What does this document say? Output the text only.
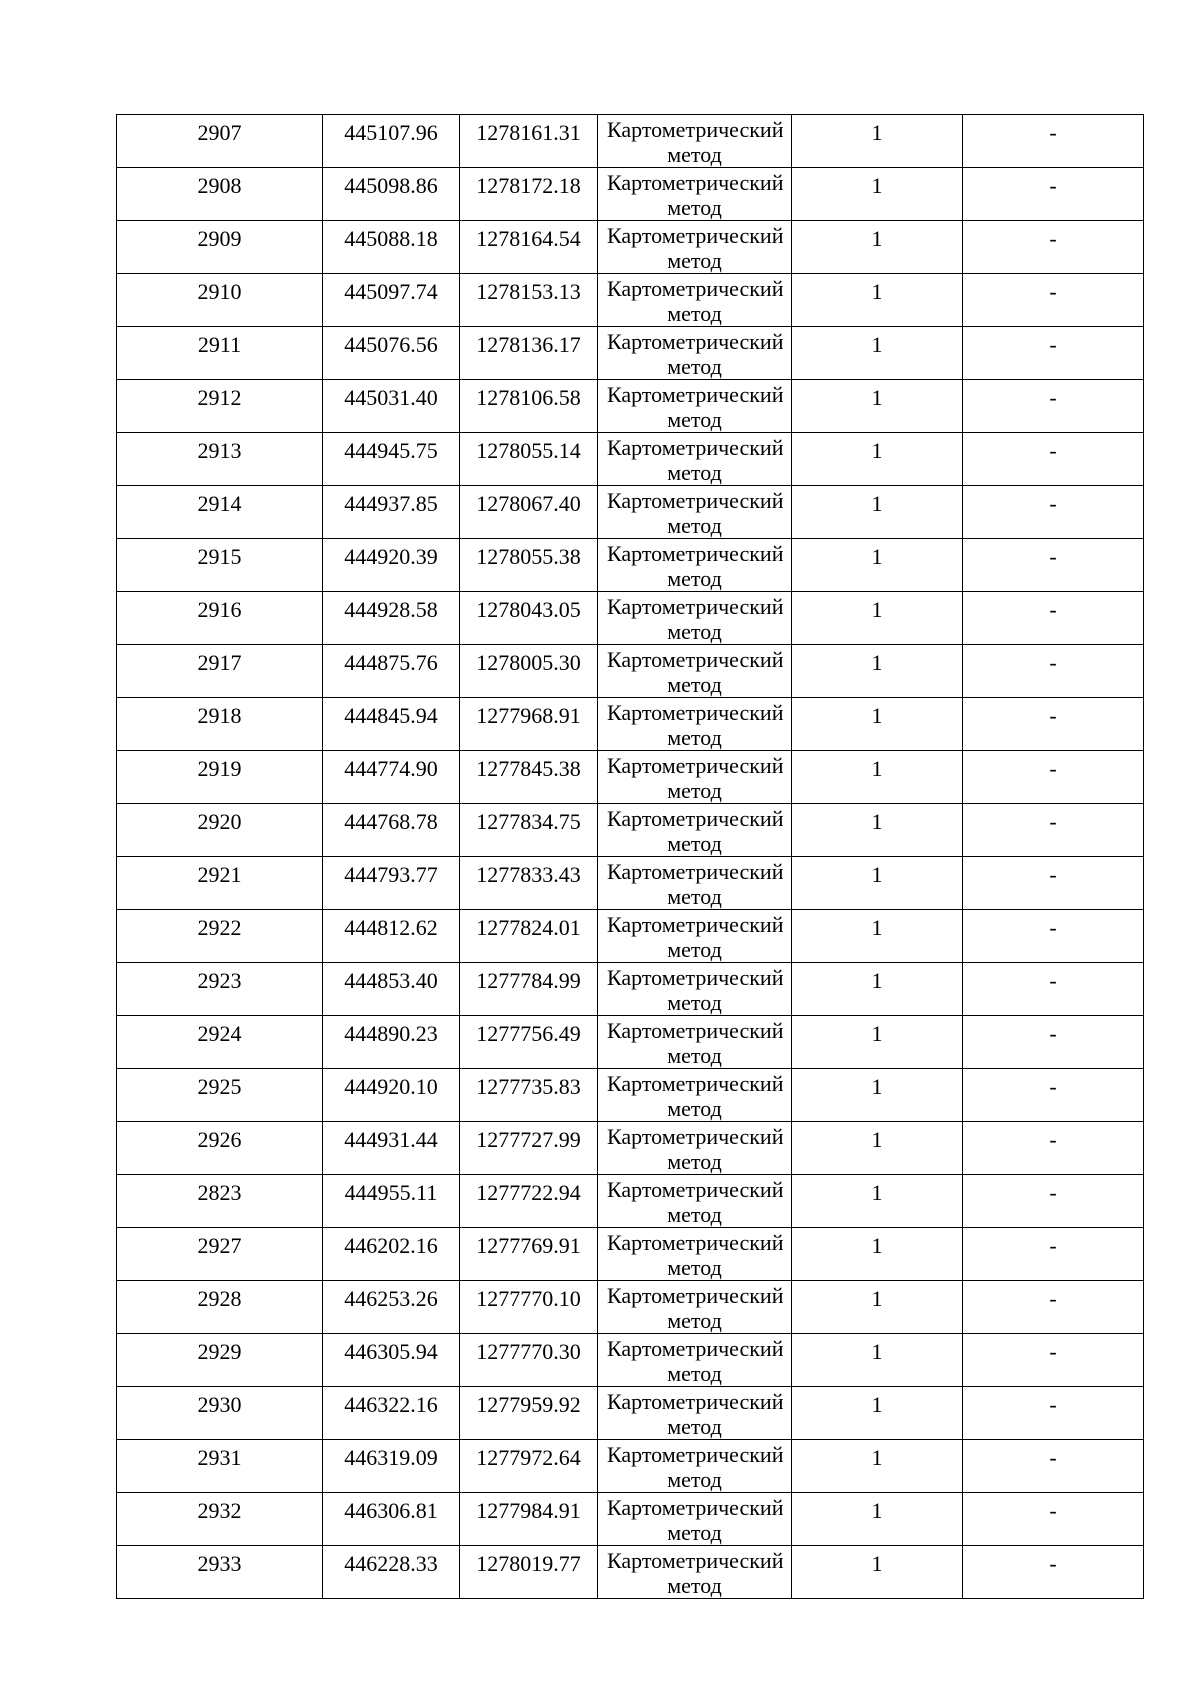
2907	445107.96	1278161.31	Картометрический метод	1	-
2908	445098.86	1278172.18	Картометрический метод	1	-
2909	445088.18	1278164.54	Картометрический метод	1	-
2910	445097.74	1278153.13	Картометрический метод	1	-
2911	445076.56	1278136.17	Картометрический метод	1	-
2912	445031.40	1278106.58	Картометрический метод	1	-
2913	444945.75	1278055.14	Картометрический метод	1	-
2914	444937.85	1278067.40	Картометрический метод	1	-
2915	444920.39	1278055.38	Картометрический метод	1	-
2916	444928.58	1278043.05	Картометрический метод	1	-
2917	444875.76	1278005.30	Картометрический метод	1	-
2918	444845.94	1277968.91	Картометрический метод	1	-
2919	444774.90	1277845.38	Картометрический метод	1	-
2920	444768.78	1277834.75	Картометрический метод	1	-
2921	444793.77	1277833.43	Картометрический метод	1	-
2922	444812.62	1277824.01	Картометрический метод	1	-
2923	444853.40	1277784.99	Картометрический метод	1	-
2924	444890.23	1277756.49	Картометрический метод	1	-
2925	444920.10	1277735.83	Картометрический метод	1	-
2926	444931.44	1277727.99	Картометрический метод	1	-
2823	444955.11	1277722.94	Картометрический метод	1	-
2927	446202.16	1277769.91	Картометрический метод	1	-
2928	446253.26	1277770.10	Картометрический метод	1	-
2929	446305.94	1277770.30	Картометрический метод	1	-
2930	446322.16	1277959.92	Картометрический метод	1	-
2931	446319.09	1277972.64	Картометрический метод	1	-
2932	446306.81	1277984.91	Картометрический метод	1	-
2933	446228.33	1278019.77	Картометрический метод	1	-
